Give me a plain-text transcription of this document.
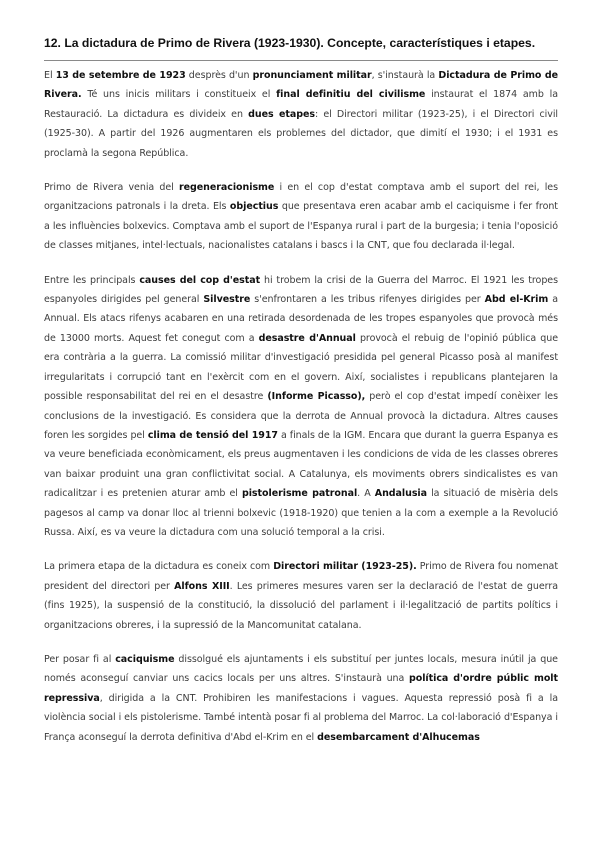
12. La dictadura de Primo de Rivera (1923-1930). Concepte, característiques i etapes.

El 13 de setembre de 1923 desprès d'un pronunciament militar, s'instaurà la Dictadura de Primo de Rivera. Té uns inicis militars i constitueix el final definitiu del civilisme instaurat el 1874 amb la Restauració. La dictadura es divideix en dues etapes: el Directori militar (1923-25), i el Directori civil (1925-30). A partir del 1926 augmentaren els problemes del dictador, que dimití el 1930; i el 1931 es proclamà la segona República.

Primo de Rivera venia del regeneracionisme i en el cop d'estat comptava amb el suport del rei, les organitzacions patronals i la dreta. Els objectius que presentava eren acabar amb el caciquisme i fer front a les influències bolxevics. Comptava amb el suport de l'Espanya rural i part de la burgesia; i tenia l'oposició de classes mitjanes, intel·lectuals, nacionalistes catalans i bascs i la CNT, que fou declarada il·legal.

Entre les principals causes del cop d'estat hi trobem la crisi de la Guerra del Marroc. El 1921 les tropes espanyoles dirigides pel general Silvestre s'enfrontaren a les tribus rifenyes dirigides per Abd el-Krim a Annual. Els atacs rifenys acabaren en una retirada desordenada de les tropes espanyoles que provocà més de 13000 morts. Aquest fet conegut com a desastre d'Annual provocà el rebuig de l'opinió pública que era contrària a la guerra. La comissió militar d'investigació presidida pel general Picasso posà al manifest irregularitats i corrupció tant en l'exèrcit com en el govern. Així, socialistes i republicans plantejaren la possible responsabilitat del rei en el desastre (Informe Picasso), però el cop d'estat impedí conèixer les conclusions de la investigació. Es considera que la derrota de Annual provocà la dictadura. Altres causes foren les sorgides pel clima de tensió del 1917 a finals de la IGM. Encara que durant la guerra Espanya es va veure beneficiada econòmicament, els preus augmentaven i les condicions de vida de les classes obreres van baixar produint una gran conflictivitat social. A Catalunya, els moviments obrers sindicalistes es van radicalitzar i es pretenien aturar amb el pistolerisme patronal. A Andalusia la situació de misèria dels pagesos al camp va donar lloc al trienni bolxevic (1918-1920) que tenien a la com a exemple a la Revolució Russa. Així, es va veure la dictadura com una solució temporal a la crisi.

La primera etapa de la dictadura es coneix com Directori militar (1923-25). Primo de Rivera fou nomenat president del directori per Alfons XIII. Les primeres mesures varen ser la declaració de l'estat de guerra (fins 1925), la suspensió de la constitució, la dissolució del parlament i il·legalització de partits polítics i organitzacions obreres, i la supressió de la Mancomunitat catalana.

Per posar fi al caciquisme dissolgué els ajuntaments i els substituí per juntes locals, mesura inútil ja que només aconseguí canviar uns cacics locals per uns altres. S'instaurà una política d'ordre públic molt repressiva, dirigida a la CNT. Prohibiren les manifestacions i vagues. Aquesta repressió posà fi a la violència social i els pistolerisme. També intentà posar fi al problema del Marroc. La col·laboració d'Espanya i França aconseguí la derrota definitiva d'Abd el-Krim en el desembarcament d'Alhucemas
